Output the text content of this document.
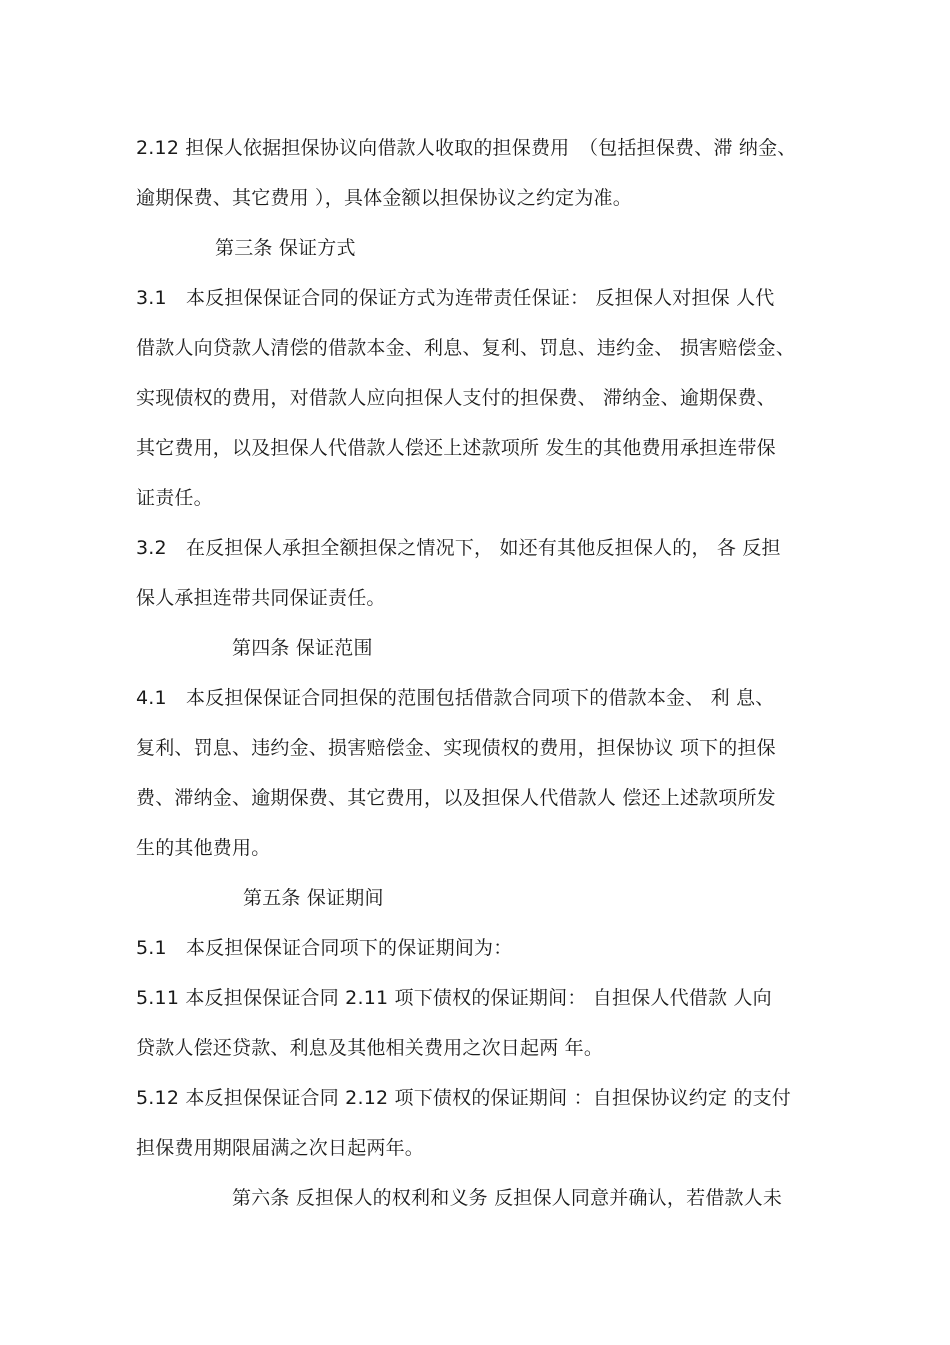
2.12 担保人依据担保协议向借款人收取的担保费用　（包括担保费、滞 纳金、
逾期保费、其它费用 ），具体金额以担保协议之约定为准。
第三条 保证方式
3.1　本反担保保证合同的保证方式为连带责任保证： 反担保人对担保 人代
借款人向贷款人清偿的借款本金、利息、复利、罚息、违约金、 损害赔偿金、
实现债权的费用，对借款人应向担保人支付的担保费、 滞纳金、逾期保费、
其它费用，以及担保人代借款人偿还上述款项所 发生的其他费用承担连带保
证责任。
3.2　在反担保人承担全额担保之情况下， 如还有其他反担保人的， 各 反担
保人承担连带共同保证责任。
第四条 保证范围
4.1　本反担保保证合同担保的范围包括借款合同项下的借款本金、 利 息、
复利、罚息、违约金、损害赔偿金、实现债权的费用，担保协议 项下的担保
费、滞纳金、逾期保费、其它费用，以及担保人代借款人 偿还上述款项所发
生的其他费用。
第五条 保证期间
5.1　本反担保保证合同项下的保证期间为：
5.11 本反担保保证合同 2.11 项下债权的保证期间： 自担保人代借款 人向
贷款人偿还贷款、利息及其他相关费用之次日起两 年。
5.12 本反担保保证合同 2.12 项下债权的保证期间 ：自担保协议约定 的支付
担保费用期限届满之次日起两年。
第六条 反担保人的权利和义务 反担保人同意并确认，若借款人未
